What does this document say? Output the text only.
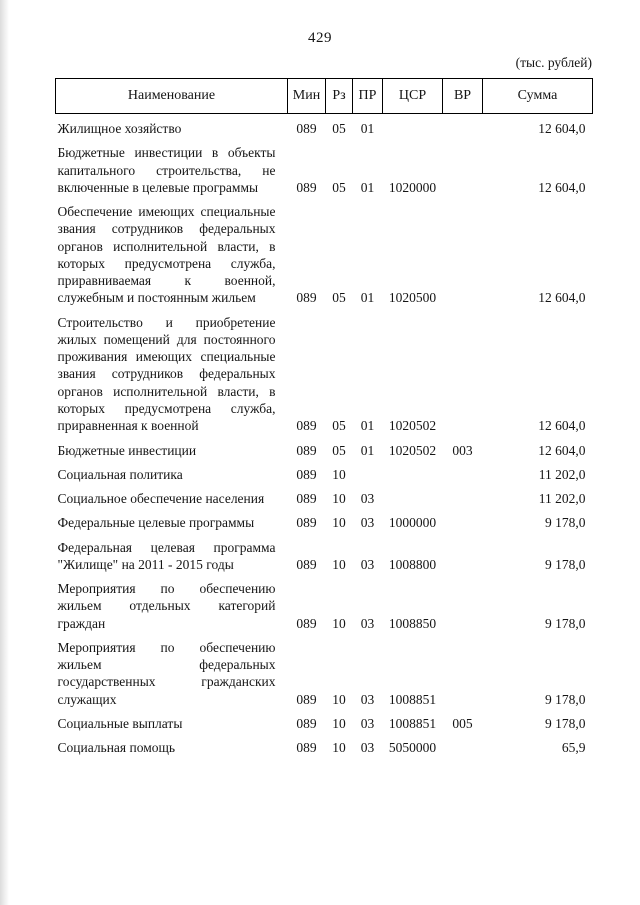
429
(тыс. рублей)
Наименование	Мин	Рз	ПР	ЦСР	ВР	Сумма
Жилищное хозяйство	089	05	01			12 604,0
Бюджетные инвестиции в объекты капитального строительства, не включенные в целевые программы	089	05	01	1020000		12 604,0
Обеспечение имеющих специальные звания сотрудников федеральных органов исполнительной власти, в которых предусмотрена служба, приравниваемая к военной, служебным и постоянным жильем	089	05	01	1020500		12 604,0
Строительство и приобретение жилых помещений для постоянного проживания имеющих специальные звания сотрудников федеральных органов исполнительной власти, в которых предусмотрена служба, приравненная к военной	089	05	01	1020502		12 604,0
Бюджетные инвестиции	089	05	01	1020502	003	12 604,0
Социальная политика	089	10				11 202,0
Социальное обеспечение населения	089	10	03			11 202,0
Федеральные целевые программы	089	10	03	1000000		9 178,0
Федеральная целевая программа "Жилище" на 2011 - 2015 годы	089	10	03	1008800		9 178,0
Мероприятия по обеспечению жильем отдельных категорий граждан	089	10	03	1008850		9 178,0
Мероприятия по обеспечению жильем федеральных государственных гражданских служащих	089	10	03	1008851		9 178,0
Социальные выплаты	089	10	03	1008851	005	9 178,0
Социальная помощь	089	10	03	5050000		65,9
